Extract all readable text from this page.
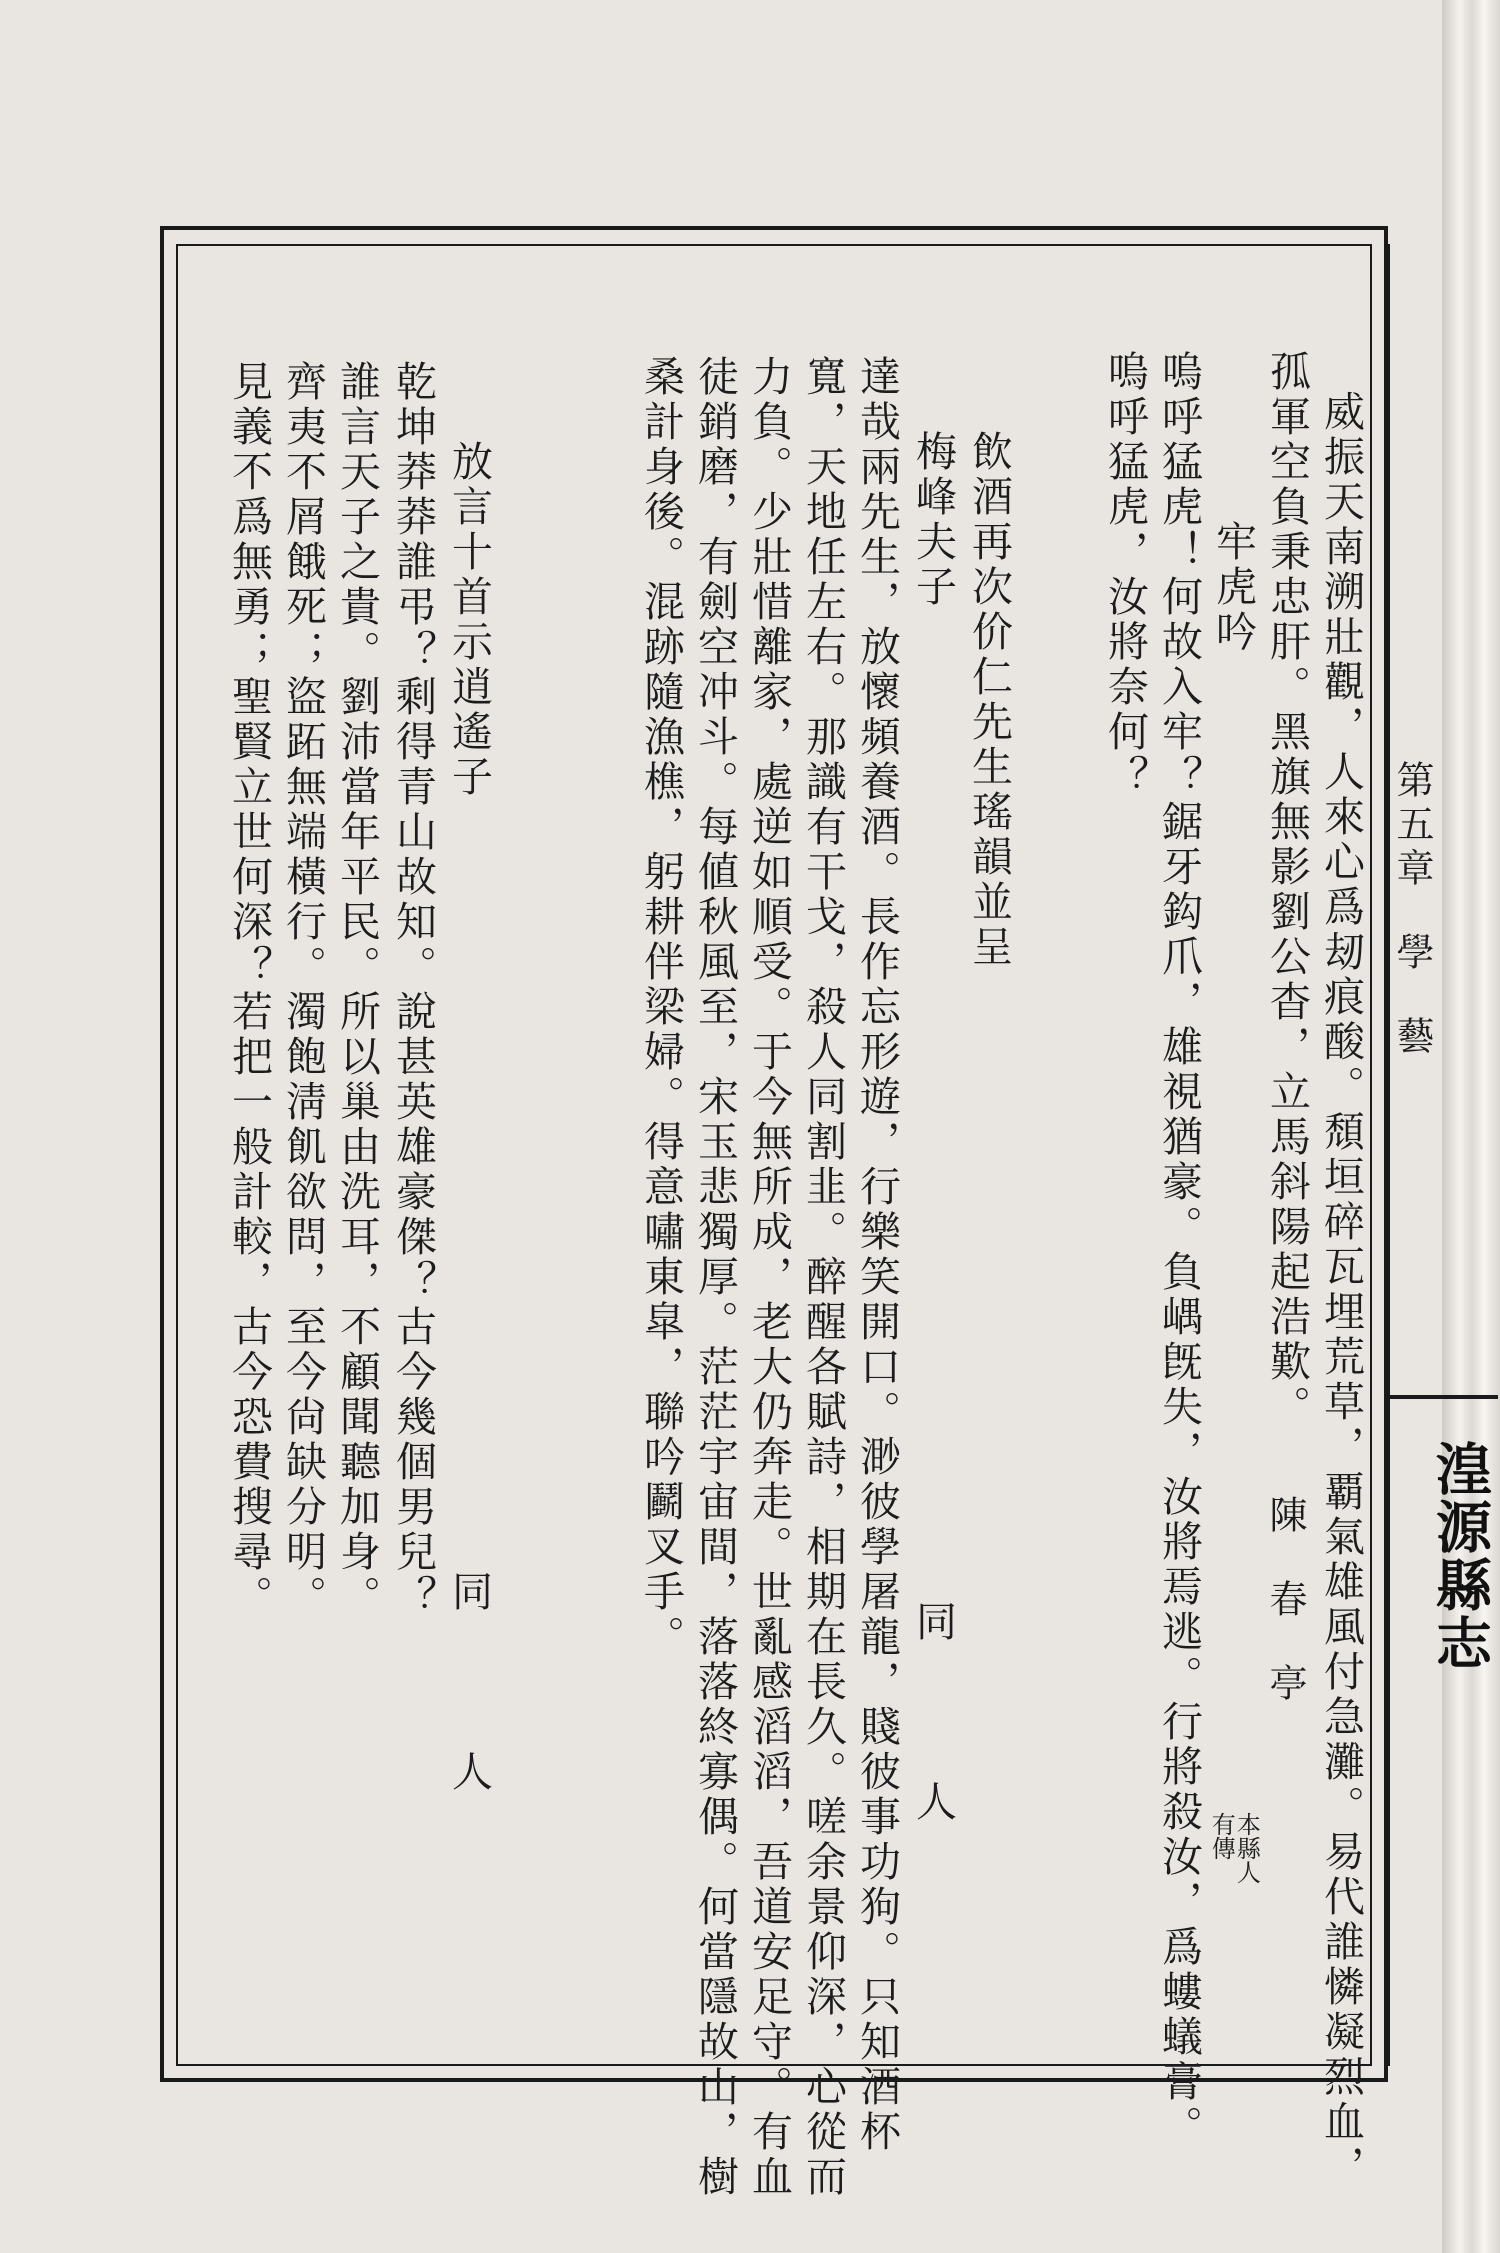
第五章學藝
湟源縣志
威振天南溯壯觀，人來心爲刼痕酸。頹垣碎瓦埋荒草，覇氣雄風付急灘。易代誰憐凝烈血，
孤軍空負秉忠肝。黑旗無影劉公杳，立馬斜陽起浩歎。
牢虎吟
陳　春　亭
本縣人
有傳
嗚呼猛虎！何故入牢？鋸牙鈎爪，雄視猶豪。負嵎旣失，汝將焉逃。行將殺汝，爲螻蟻膏。
嗚呼猛虎，汝將奈何？
飲酒再次价仁先生瑤韻並呈
梅峰夫子
同　　　人
達哉兩先生，放懷頻養酒。長作忘形遊，行樂笑開口。渺彼學屠龍，賤彼事功狗。只知酒杯
寬，天地任左右。那識有干戈，殺人同割韭。醉醒各賦詩，相期在長久。嗟余景仰深，心從而
力負。少壯惜離家，處逆如順受。于今無所成，老大仍奔走。世亂感滔滔，吾道安足守。有血
徒銷磨，有劍空冲斗。每値秋風至，宋玉悲獨厚。茫茫宇宙間，落落終寡偶。何當隱故山，樹
桑計身後。混跡隨漁樵，躬耕伴梁婦。得意嘯東皐，聯吟鬬叉手。
放言十首示逍遙子
同　　　人
乾坤莽莽誰弔？剩得青山故知。說甚英雄豪傑？古今幾個男兒？
誰言天子之貴。劉沛當年平民。所以巢由洗耳，不顧聞聽加身。
齊夷不屑餓死；盜跖無端橫行。濁飽淸飢欲問，至今尙缺分明。
見義不爲無勇；聖賢立世何深？若把一般計較，古今恐費搜尋。
